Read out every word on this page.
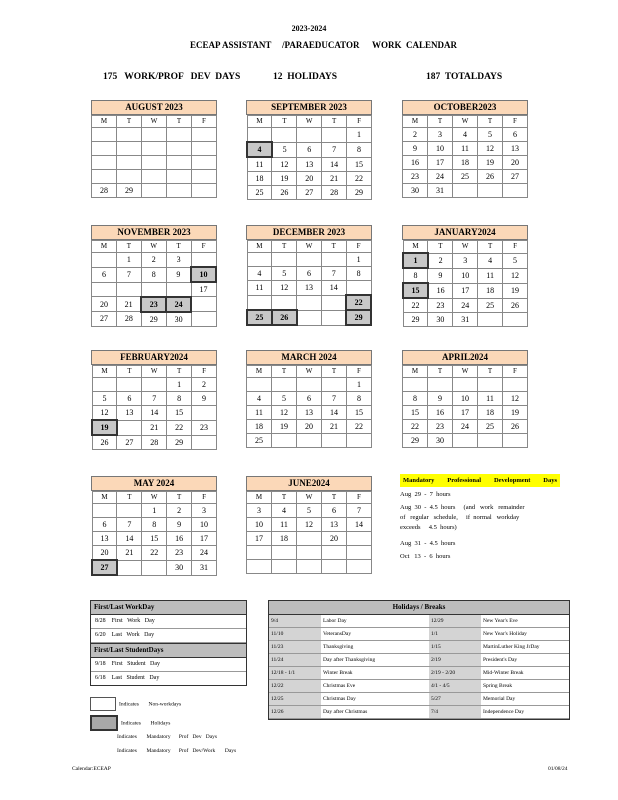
2023-2024
ECEAP ASSISTANT /PARAEDUCATOR WORK CALENDAR
175   WORK/PROF   DEV  DAYS	12  HOLIDAYS	187  TOTALDAYS
AUGUST 2023
M	T	W	T	F

28	29			
SEPTEMBER 2023
M	T	W	T	F
				1
4	5	6	7	8
11	12	13	14	15
18	19	20	21	22
25	26	27	28	29
OCTOBER2023
M	T	W	T	F
2	3	4	5	6
9	10	11	12	13
16	17	18	19	20
23	24	25	26	27
30	31			
NOVEMBER 2023
M	T	W	T	F
	1	2	3	
6	7	8	9	10
				17
20	21	23	24	
27	28	29	30	
DECEMBER 2023
M	T	W	T	F
				1
4	5	6	7	8
11	12	13	14	
				22
25	26			29
JANUARY2024
M	T	W	T	F
1	2	3	4	5
8	9	10	11	12
15	16	17	18	19
22	23	24	25	26
29	30	31		
FEBRUARY2024
M	T	W	T	F
			1	2
5	6	7	8	9
12	13	14	15	
19		21	22	23
26	27	28	29	
MARCH 2024
M	T	W	T	F
				1
4	5	6	7	8
11	12	13	14	15
18	19	20	21	22
25				
APRIL2024
M	T	W	T	F

8	9	10	11	12
15	16	17	18	19
22	23	24	25	26
29	30			
MAY 2024
M	T	W	T	F
		1	2	3
6	7	8	9	10
13	14	15	16	17
20	21	22	23	24
27			30	31
JUNE2024
M	T	W	T	F
3	4	5	6	7
10	11	12	13	14
17	18		20	

Mandatory Professional Development Days
Aug  29  -  7  hours
Aug  30  -  4.5  hours     (and   work   remainder
of   regular   schedule,     if  normal   workday
exceeds     4.5  hours)
Aug  31  -  4.5  hours
Oct   13  -  6  hours
First/Last WorkDay
8/28    First   Work   Day
6/20    Last   Work   Day
First/Last StudentDays
9/18    First   Student   Day
6/18    Last   Student   Day
Indicates       Non-workdays
Indicates       Holidays
Indicates       Mandatory      Prof   Dev   Days
Indicates       Mandatory      Prof   Dev/Work       Days
Holidays / Breaks
9/4	Labor Day	12/29	New Year's Eve
11/10	VeteransDay	1/1	New Year's Holiday
11/23	Thanksgiving	1/15	MartinLuther King JrDay
11/24	Day after Thanksgiving	2/19	President's Day
12/18 - 1/1	Winter Break	2/19 - 2/20	Mid-Winter Break
12/22	Christmas Eve	4/1 - 4/5	Spring Break
12/25	Christmas Day	5/27	Memorial Day
12/26	Day after Christmas	7/4	Independence Day
Calendar:ECEAP	01/08/24
